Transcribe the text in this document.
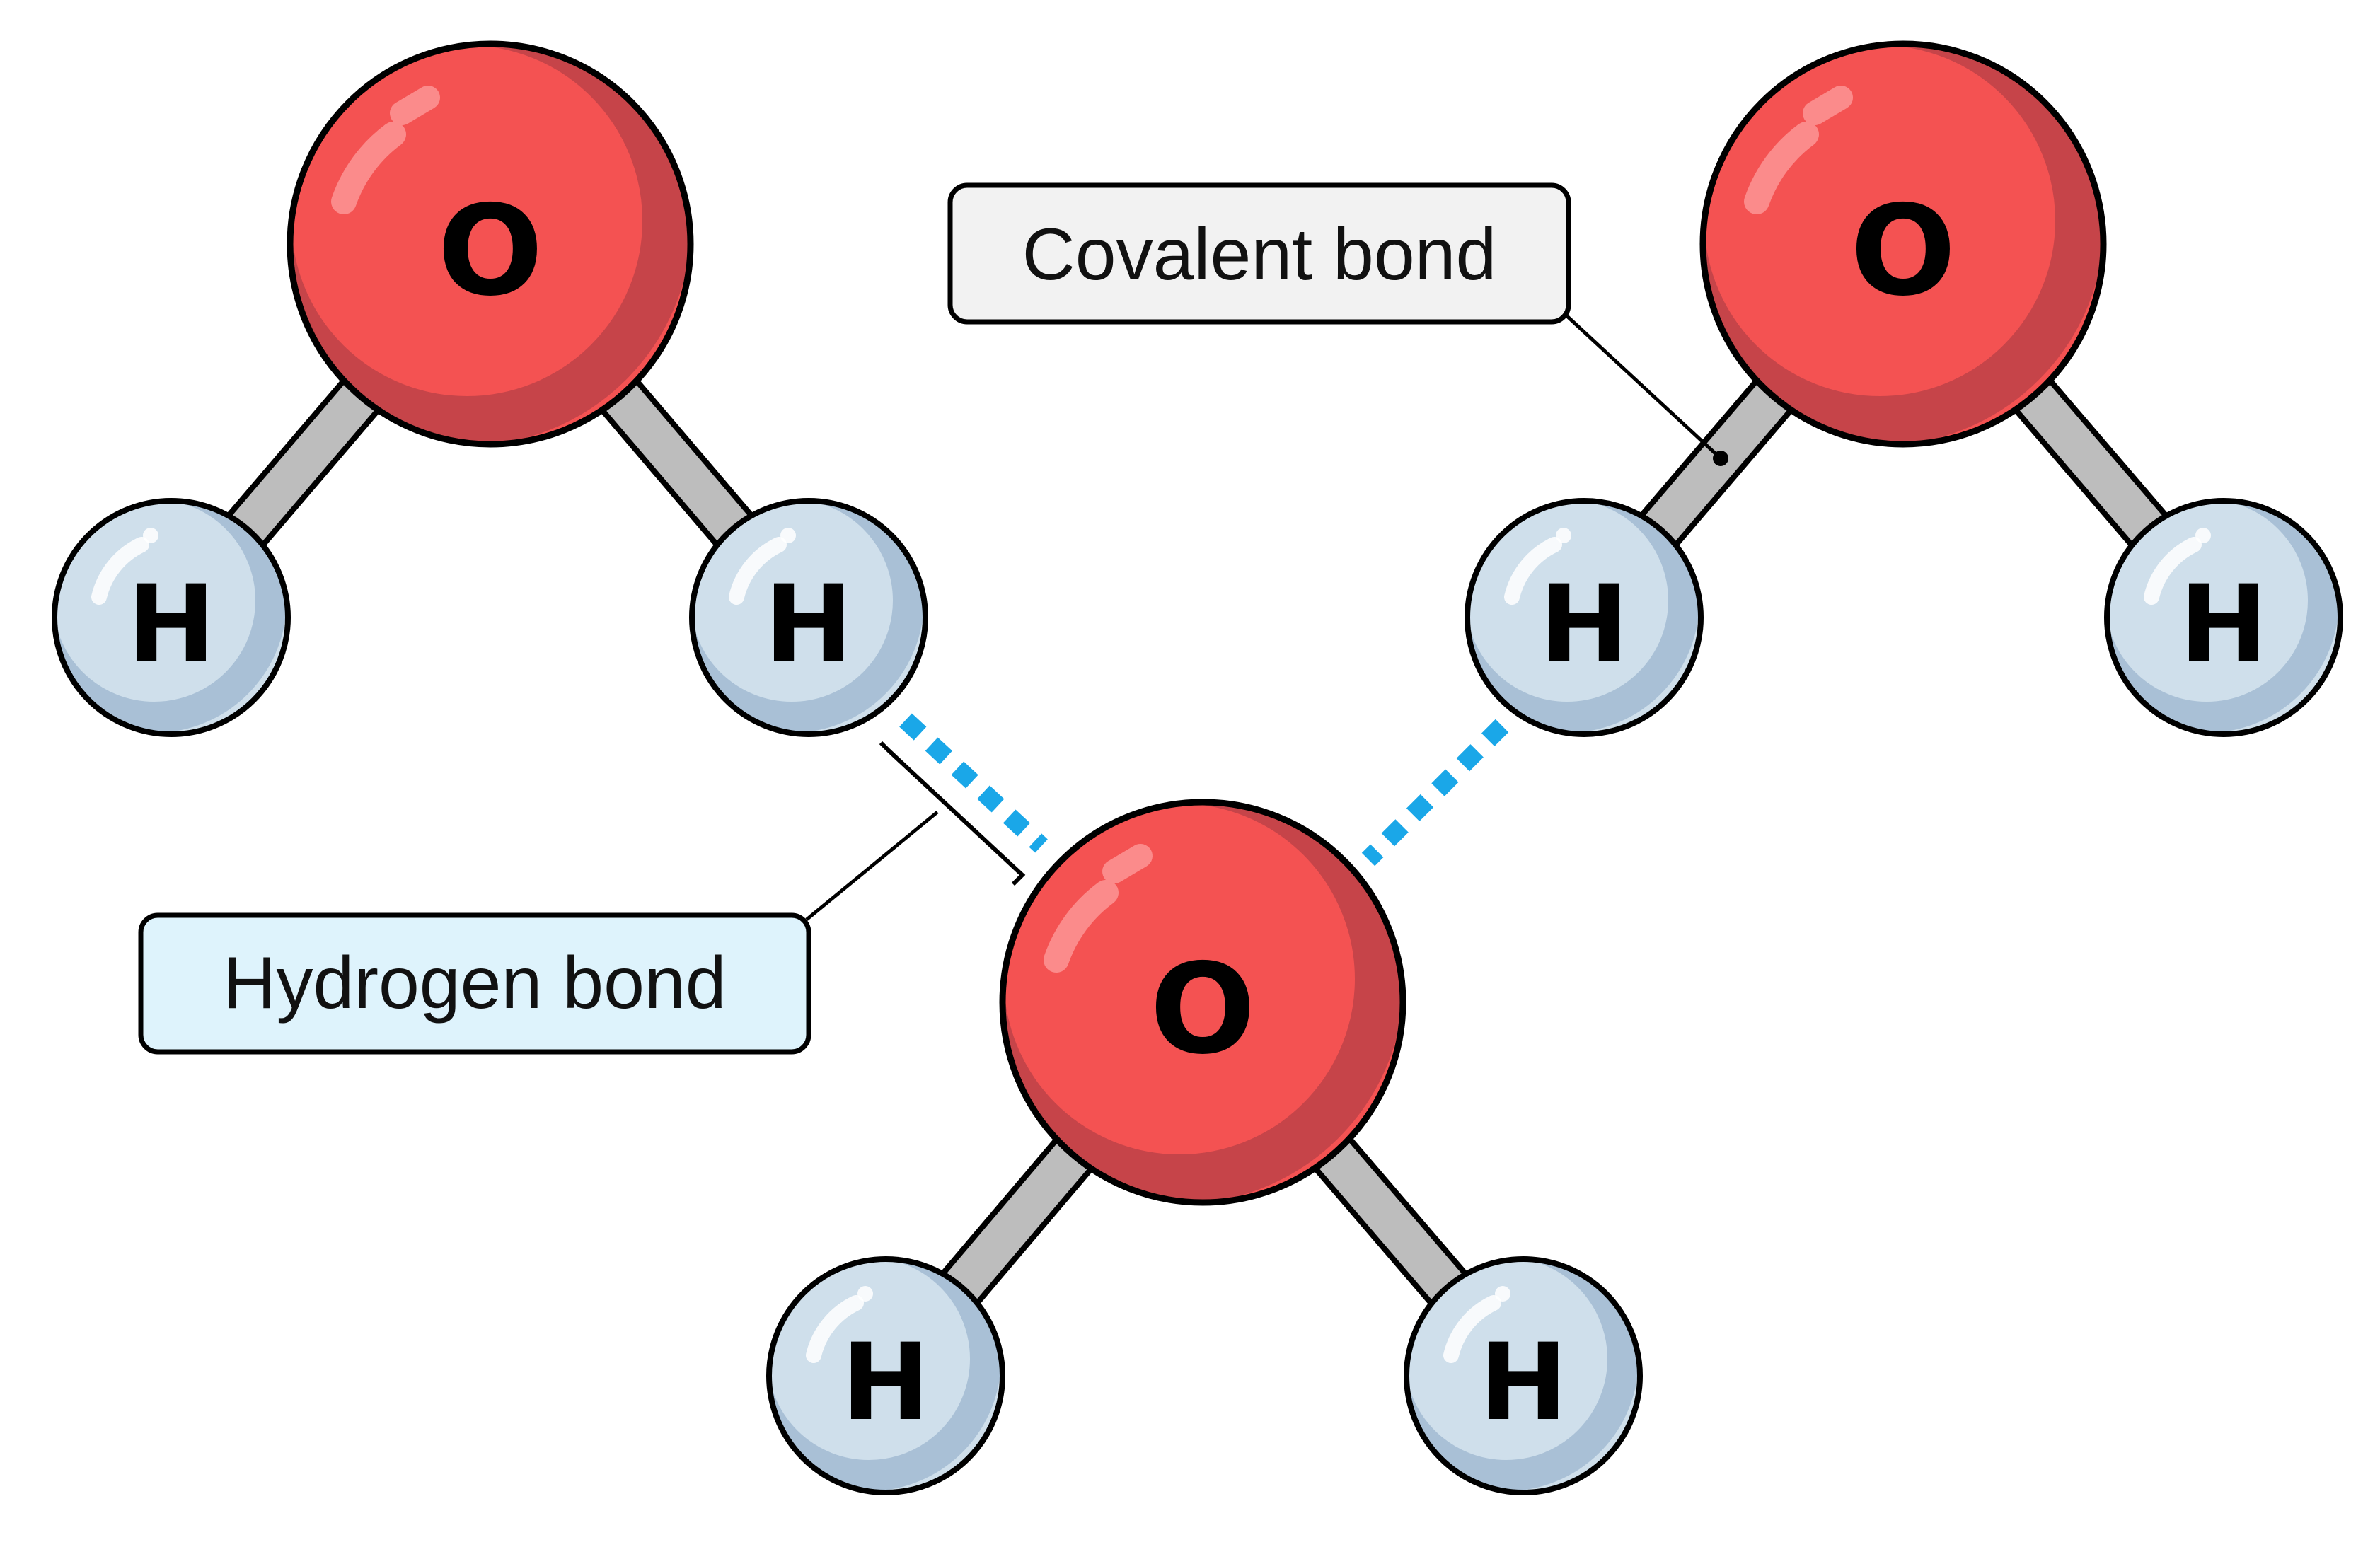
H	H	H	H
H	H
O	O
O
Covalent bond
Hydrogen bond
